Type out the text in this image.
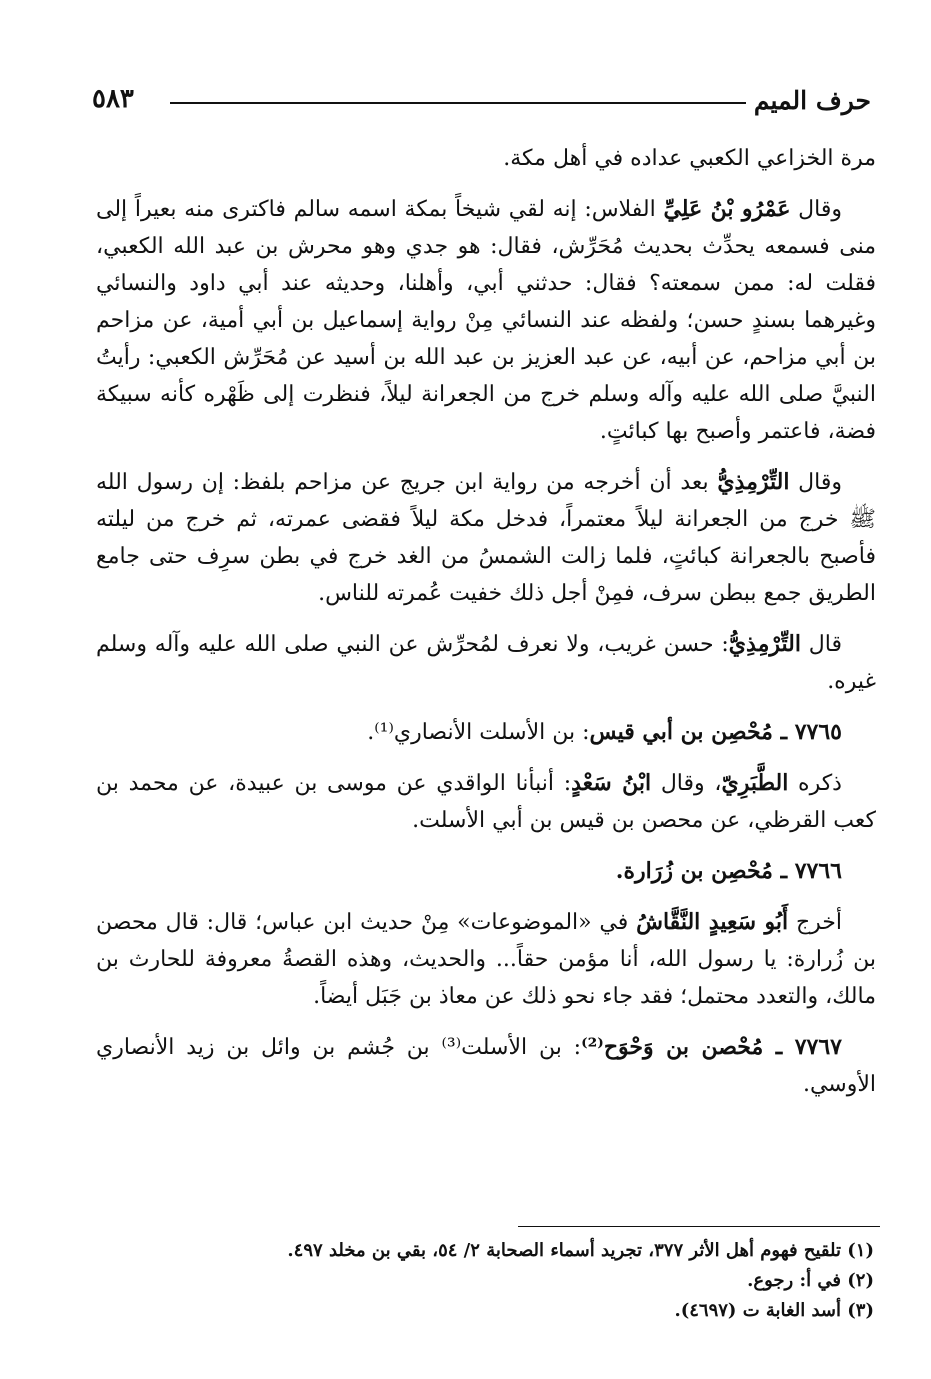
حرف الميم
٥٨٣

مرة الخزاعي الكعبي عداده في أهل مكة.

وقال عَمْرُو بْنُ عَلِيِّ الفلاس: إنه لقي شيخاً بمكة اسمه سالم فاكترى منه بعيراً إلى منى فسمعه يحدِّث بحديث مُحَرِّش، فقال: هو جدي وهو محرش بن عبد الله الكعبي، فقلت له: ممن سمعته؟ فقال: حدثني أبي، وأهلنا، وحديثه عند أبي داود والنسائي وغيرهما بسندٍ حسن؛ ولفظه عند النسائي مِنْ رواية إسماعيل بن أبي أمية، عن مزاحم بن أبي مزاحم، عن أبيه، عن عبد العزيز بن عبد الله بن أسيد عن مُحَرِّش الكعبي: رأيتُ النبيَّ صلى الله عليه وآله وسلم خرج من الجعرانة ليلاً، فنظرت إلى ظَهْره كأنه سبيكة فضة، فاعتمر وأصبح بها كبائتٍ.

وقال التِّرْمِذِيُّ بعد أن أخرجه من رواية ابن جريج عن مزاحم بلفظ: إن رسول الله ﷺ خرج من الجعرانة ليلاً معتمراً، فدخل مكة ليلاً فقضى عمرته، ثم خرج من ليلته فأصبح بالجعرانة كبائتٍ، فلما زالت الشمسُ من الغد خرج في بطن سرِف حتى جامع الطريق جمع ببطن سرف، فمِنْ أجل ذلك خفيت عُمرته للناس.

قال التِّرْمِذِيُّ: حسن غريب، ولا نعرف لمُحرِّش عن النبي صلى الله عليه وآله وسلم غيره.

٧٧٦٥ ـ مُحْصِن بن أبي قيس: بن الأسلت الأنصاري⁽¹⁾.

ذكره الطَّبَرِيّ، وقال ابْنُ سَعْدٍ: أنبأنا الواقدي عن موسى بن عبيدة، عن محمد بن كعب القرظي، عن محصن بن قيس بن أبي الأسلت.

٧٧٦٦ ـ مُحْصِن بن زُرَارة.

أخرج أَبُو سَعِيدٍ النَّقَّاشُ في «الموضوعات» مِنْ حديث ابن عباس؛ قال: قال محصن بن زُرارة: يا رسول الله، أنا مؤمن حقاً... والحديث، وهذه القصةُ معروفة للحارث بن مالك، والتعدد محتمل؛ فقد جاء نحو ذلك عن معاذ بن جَبَل أيضاً.

٧٧٦٧ ـ مُحْصن بن وَحْوَح⁽²⁾: بن الأسلت⁽³⁾ بن جُشم بن وائل بن زيد الأنصاري الأوسي.

(١) تلقيح فهوم أهل الأثر ٣٧٧، تجريد أسماء الصحابة ٢/ ٥٤، بقي بن مخلد ٤٩٧.
(٢) في أ: رجوع.
(٣) أسد الغابة ت (٤٦٩٧).
